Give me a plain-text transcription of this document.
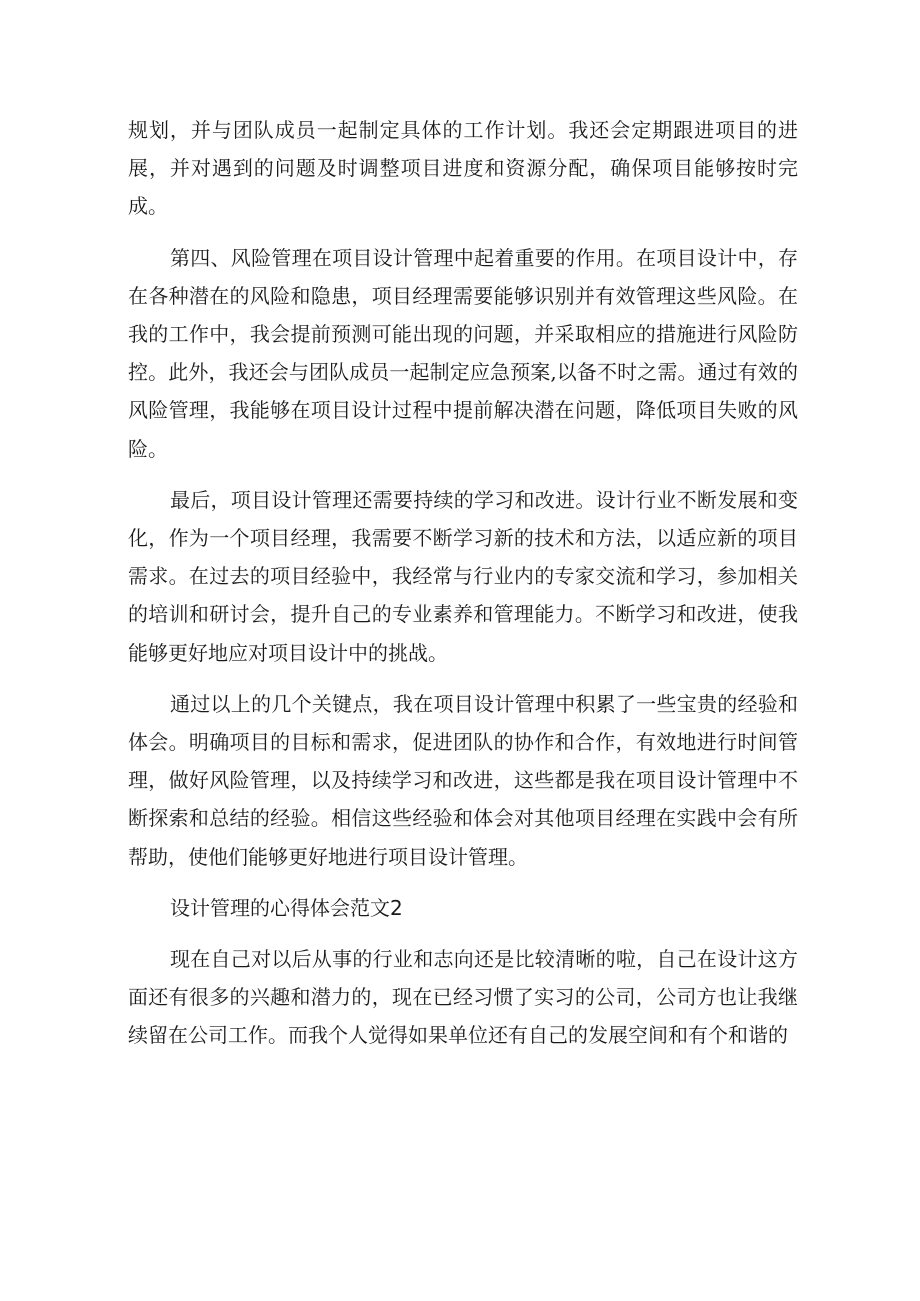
规划，并与团队成员一起制定具体的工作计划。我还会定期跟进项目的进展，并对遇到的问题及时调整项目进度和资源分配，确保项目能够按时完成。

第四、风险管理在项目设计管理中起着重要的作用。在项目设计中，存在各种潜在的风险和隐患，项目经理需要能够识别并有效管理这些风险。在我的工作中，我会提前预测可能出现的问题，并采取相应的措施进行风险防控。此外，我还会与团队成员一起制定应急预案,以备不时之需。通过有效的风险管理，我能够在项目设计过程中提前解决潜在问题，降低项目失败的风险。

最后，项目设计管理还需要持续的学习和改进。设计行业不断发展和变化，作为一个项目经理，我需要不断学习新的技术和方法，以适应新的项目需求。在过去的项目经验中，我经常与行业内的专家交流和学习，参加相关的培训和研讨会，提升自己的专业素养和管理能力。不断学习和改进，使我能够更好地应对项目设计中的挑战。

通过以上的几个关键点，我在项目设计管理中积累了一些宝贵的经验和体会。明确项目的目标和需求，促进团队的协作和合作，有效地进行时间管理，做好风险管理，以及持续学习和改进，这些都是我在项目设计管理中不断探索和总结的经验。相信这些经验和体会对其他项目经理在实践中会有所帮助，使他们能够更好地进行项目设计管理。

设计管理的心得体会范文2

现在自己对以后从事的行业和志向还是比较清晰的啦，自己在设计这方面还有很多的兴趣和潜力的，现在已经习惯了实习的公司，公司方也让我继续留在公司工作。而我个人觉得如果单位还有自己的发展空间和有个和谐的
